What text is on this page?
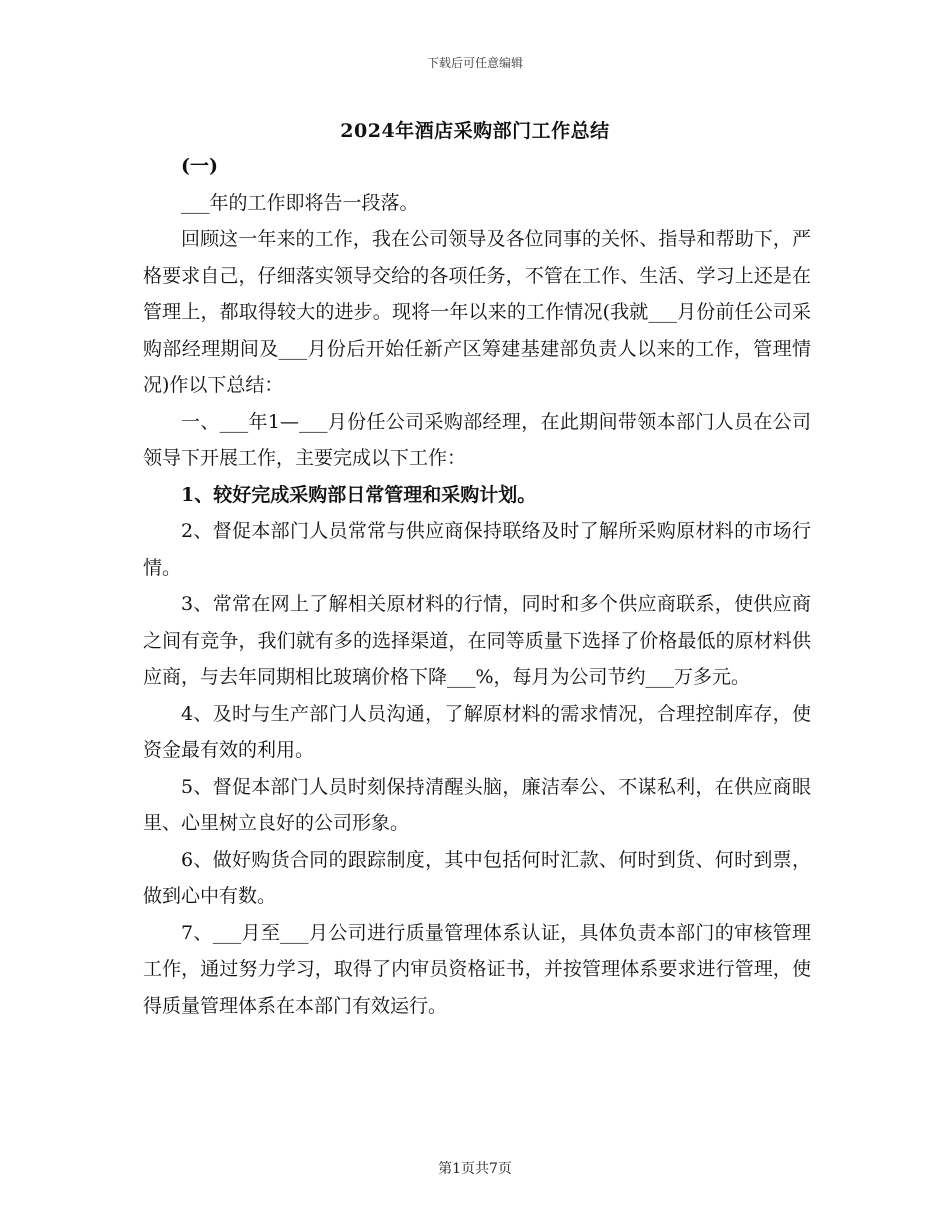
下载后可任意编辑
2024年酒店采购部门工作总结

(一)

___年的工作即将告一段落。

回顾这一年来的工作，我在公司领导及各位同事的关怀、指导和帮助下，严格要求自己，仔细落实领导交给的各项任务，不管在工作、生活、学习上还是在管理上，都取得较大的进步。现将一年以来的工作情况(我就___月份前任公司采购部经理期间及___月份后开始任新产区筹建基建部负责人以来的工作，管理情况)作以下总结：

一、___年1—___月份任公司采购部经理，在此期间带领本部门人员在公司领导下开展工作，主要完成以下工作：

1、较好完成采购部日常管理和采购计划。

2、督促本部门人员常常与供应商保持联络及时了解所采购原材料的市场行情。

3、常常在网上了解相关原材料的行情，同时和多个供应商联系，使供应商之间有竞争，我们就有多的选择渠道，在同等质量下选择了价格最低的原材料供应商，与去年同期相比玻璃价格下降___%，每月为公司节约___万多元。

4、及时与生产部门人员沟通，了解原材料的需求情况，合理控制库存，使资金最有效的利用。

5、督促本部门人员时刻保持清醒头脑，廉洁奉公、不谋私利，在供应商眼里、心里树立良好的公司形象。

6、做好购货合同的跟踪制度，其中包括何时汇款、何时到货、何时到票，做到心中有数。

7、___月至___月公司进行质量管理体系认证，具体负责本部门的审核管理工作，通过努力学习，取得了内审员资格证书，并按管理体系要求进行管理，使得质量管理体系在本部门有效运行。

第1页共7页
